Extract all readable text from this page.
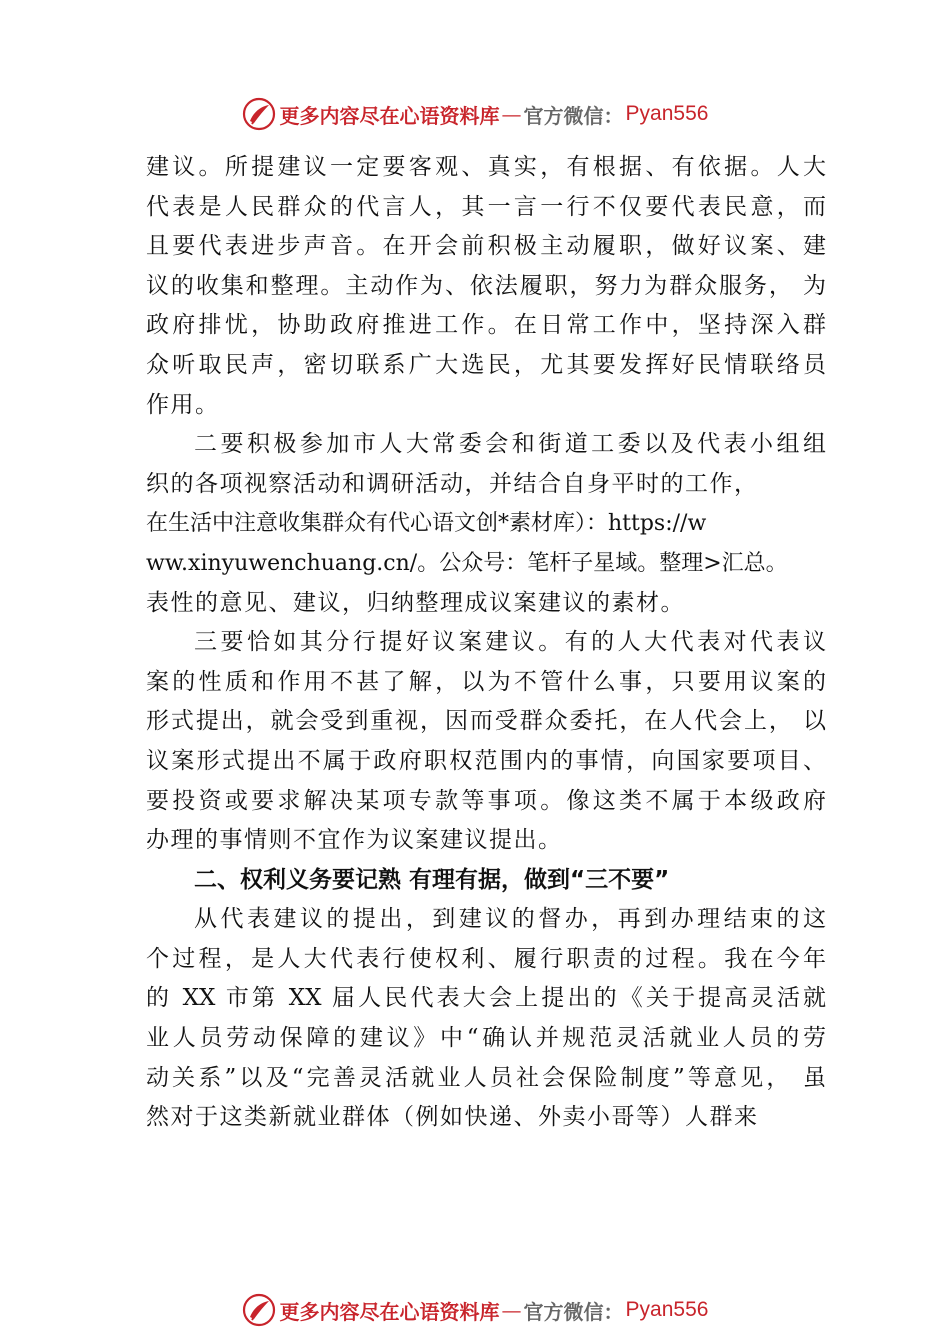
更多内容尽在心语资料库 — 官方微信： Pyan556
建议。所提建议一定要客观、真实，有根据、有依据。人大
代表是人民群众的代言人，其一言一行不仅要代表民意，而
且要代表进步声音。在开会前积极主动履职，做好议案、建
议的收集和整理。主动作为、依法履职，努力为群众服务， 为
政府排忧，协助政府推进工作。在日常工作中，坚持深入群
众听取民声，密切联系广大选民，尤其要发挥好民情联络员
作用。
二要积极参加市人大常委会和街道工委以及代表小组组
织的各项视察活动和调研活动，并结合自身平时的工作，
在生活中注意收集群众有代心语文创*素材库）：https://w
ww.xinyuwenchuang.cn/。公众号：笔杆子星域。整理>汇总。
表性的意见、建议，归纳整理成议案建议的素材。
三要恰如其分行提好议案建议。有的人大代表对代表议
案的性质和作用不甚了解，以为不管什么事，只要用议案的
形式提出，就会受到重视，因而受群众委托，在人代会上， 以
议案形式提出不属于政府职权范围内的事情，向国家要项目、
要投资或要求解决某项专款等事项。像这类不属于本级政府
办理的事情则不宜作为议案建议提出。
二、权利义务要记熟 有理有据，做到“三不要”
从代表建议的提出，到建议的督办，再到办理结束的这
个过程，是人大代表行使权利、履行职责的过程。我在今年
的 XX 市第 XX 届人民代表大会上提出的《关于提高灵活就
业人员劳动保障的建议》中“确认并规范灵活就业人员的劳
动关系”以及“完善灵活就业人员社会保险制度”等意见， 虽
然对于这类新就业群体（例如快递、外卖小哥等）人群来
更多内容尽在心语资料库 — 官方微信： Pyan556
